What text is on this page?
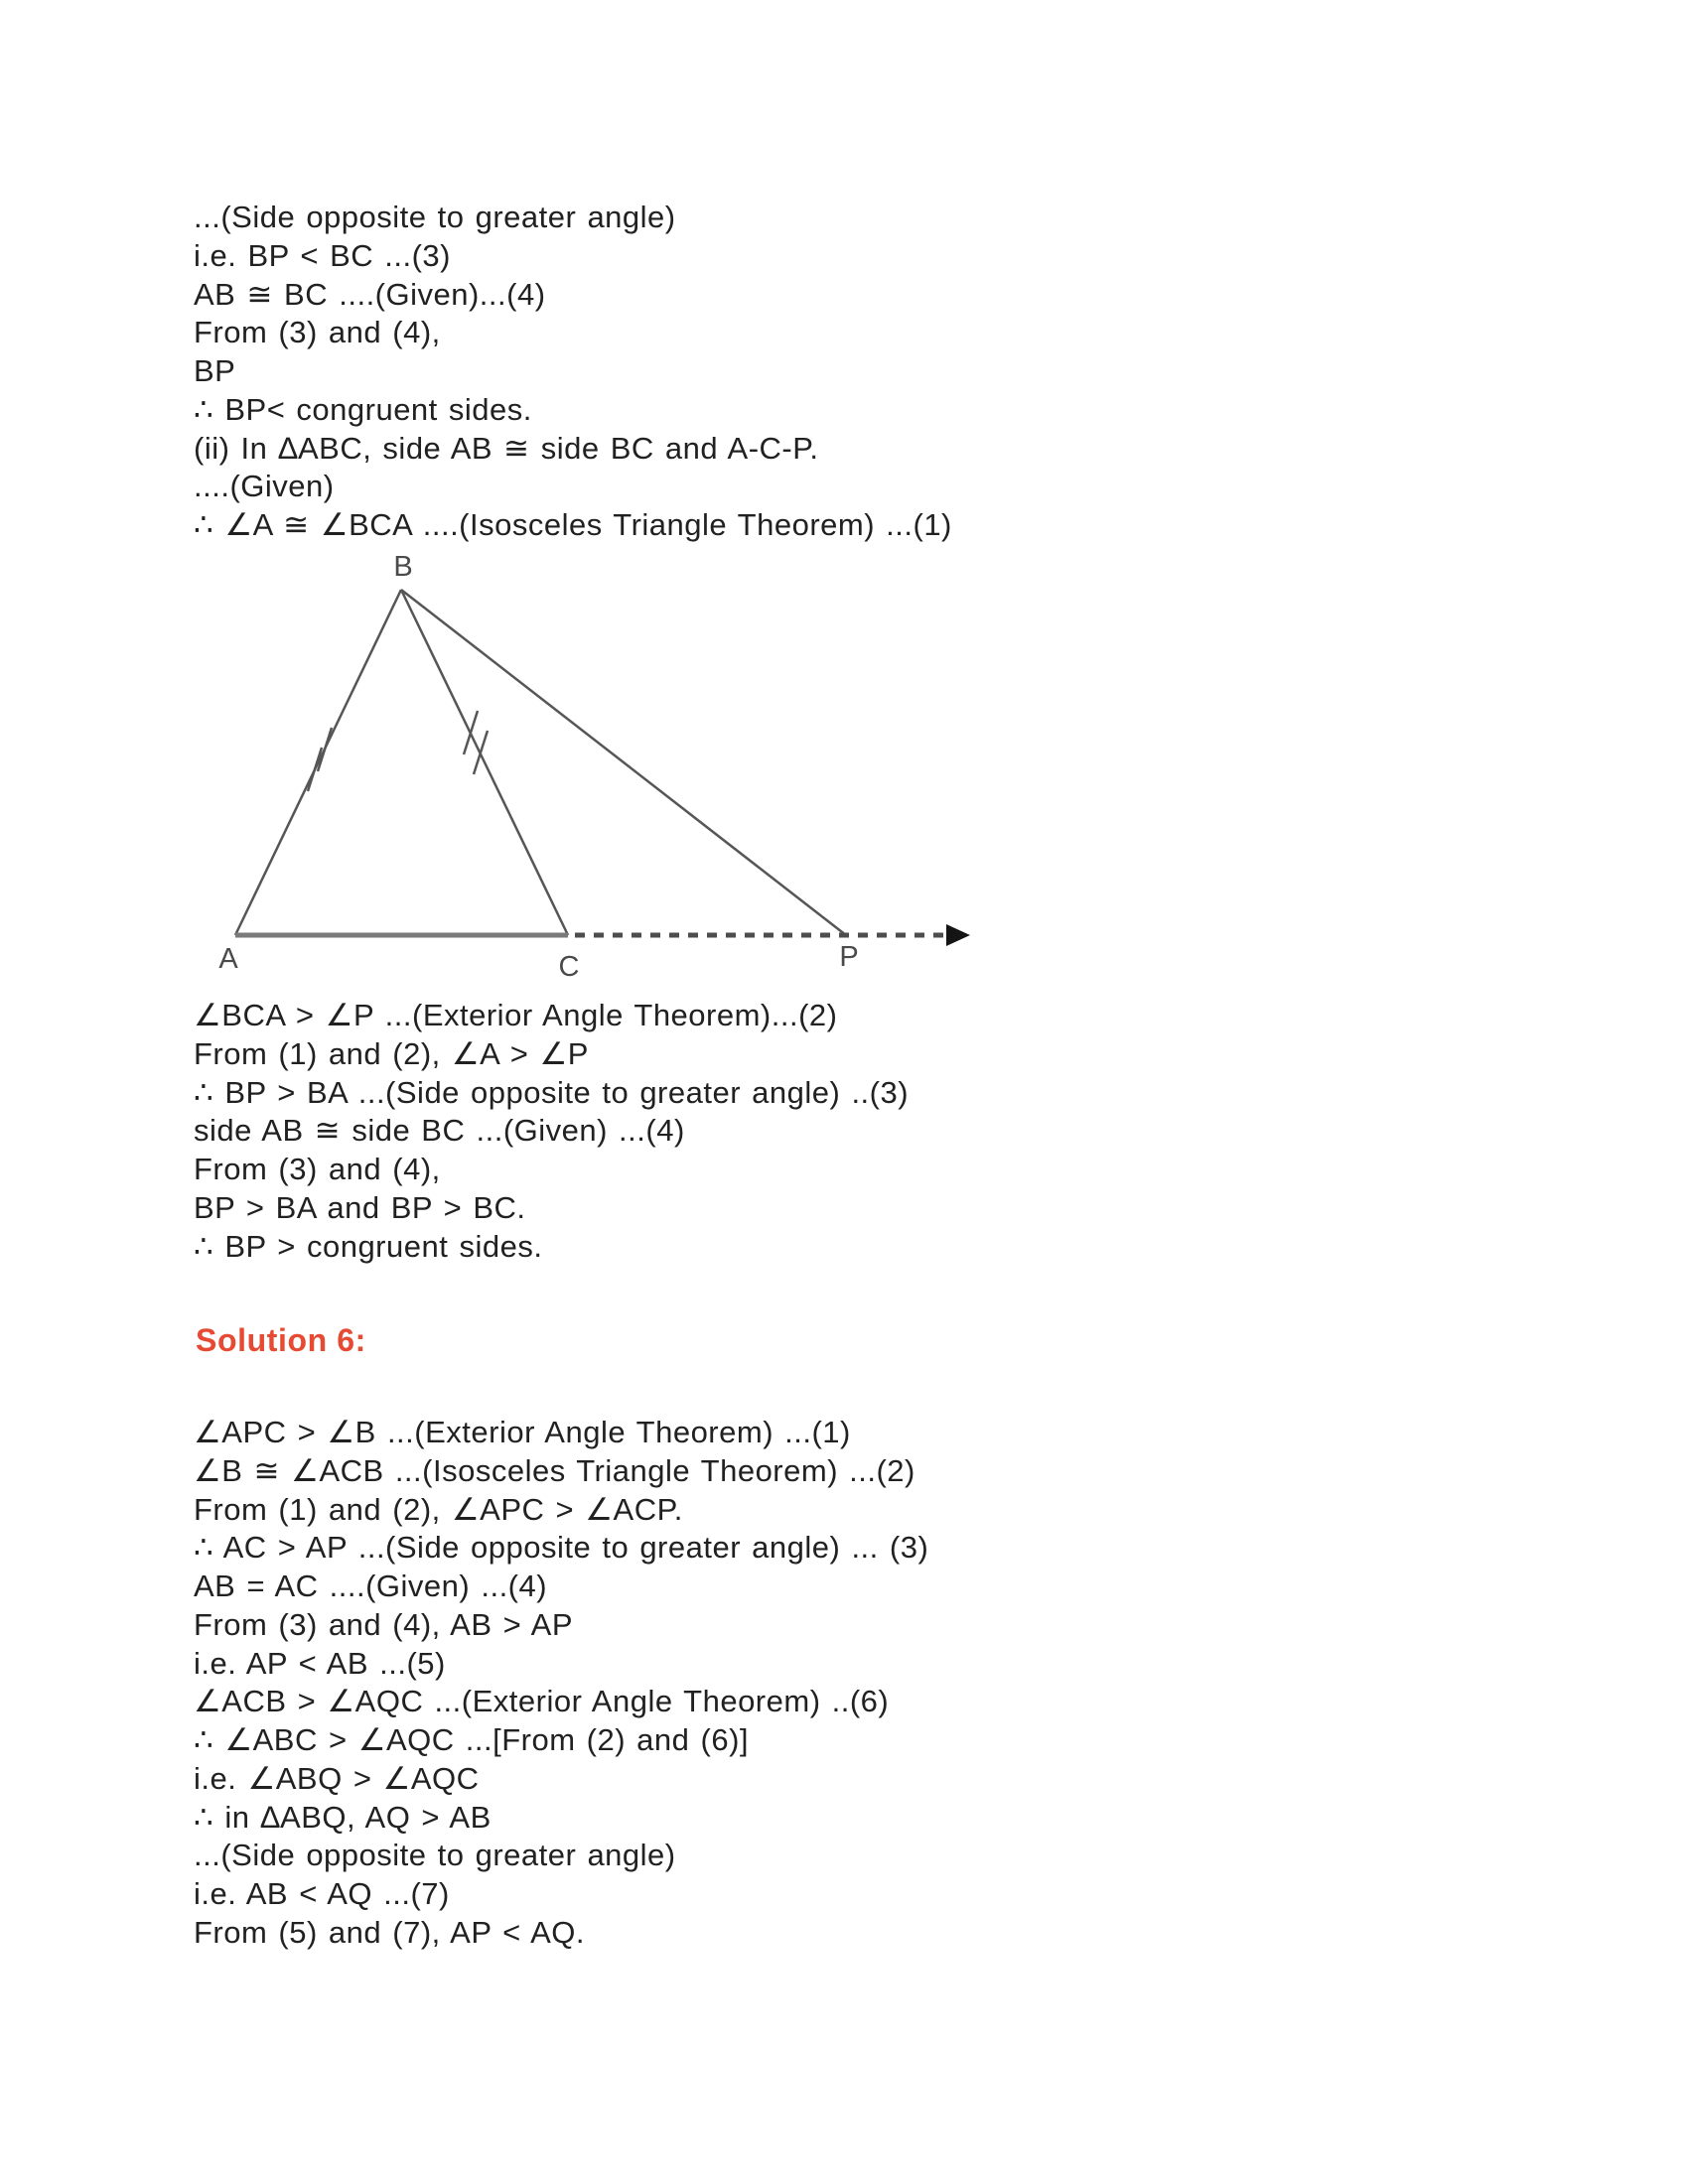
...(Side opposite to greater angle)
i.e. BP < BC ...(3)
AB ≅ BC ....(Given)...(4)
From (3) and (4),
BP
∴ BP< congruent sides.
(ii) In ∆ABC, side AB ≅ side BC and A-C-P.
....(Given)
∴ ∠A ≅ ∠BCA ....(Isosceles Triangle Theorem) ...(1)
B
A	C	P
∠BCA > ∠P ...(Exterior Angle Theorem)...(2)
From (1) and (2), ∠A > ∠P
∴ BP > BA ...(Side opposite to greater angle) ..(3)
side AB ≅ side BC ...(Given) ...(4)
From (3) and (4),
BP > BA and BP > BC.
∴ BP > congruent sides.
Solution 6:
∠APC > ∠B ...(Exterior Angle Theorem) ...(1)
∠B ≅ ∠ACB ...(Isosceles Triangle Theorem) ...(2)
From (1) and (2), ∠APC > ∠ACP.
∴ AC > AP ...(Side opposite to greater angle) ... (3)
AB = AC ....(Given) ...(4)
From (3) and (4), AB > AP
i.e. AP < AB ...(5)
∠ACB > ∠AQC ...(Exterior Angle Theorem) ..(6)
∴ ∠ABC > ∠AQC ...[From (2) and (6)]
i.e. ∠ABQ > ∠AQC
∴ in ∆ABQ, AQ > AB
...(Side opposite to greater angle)
i.e. AB < AQ ...(7)
From (5) and (7), AP < AQ.
